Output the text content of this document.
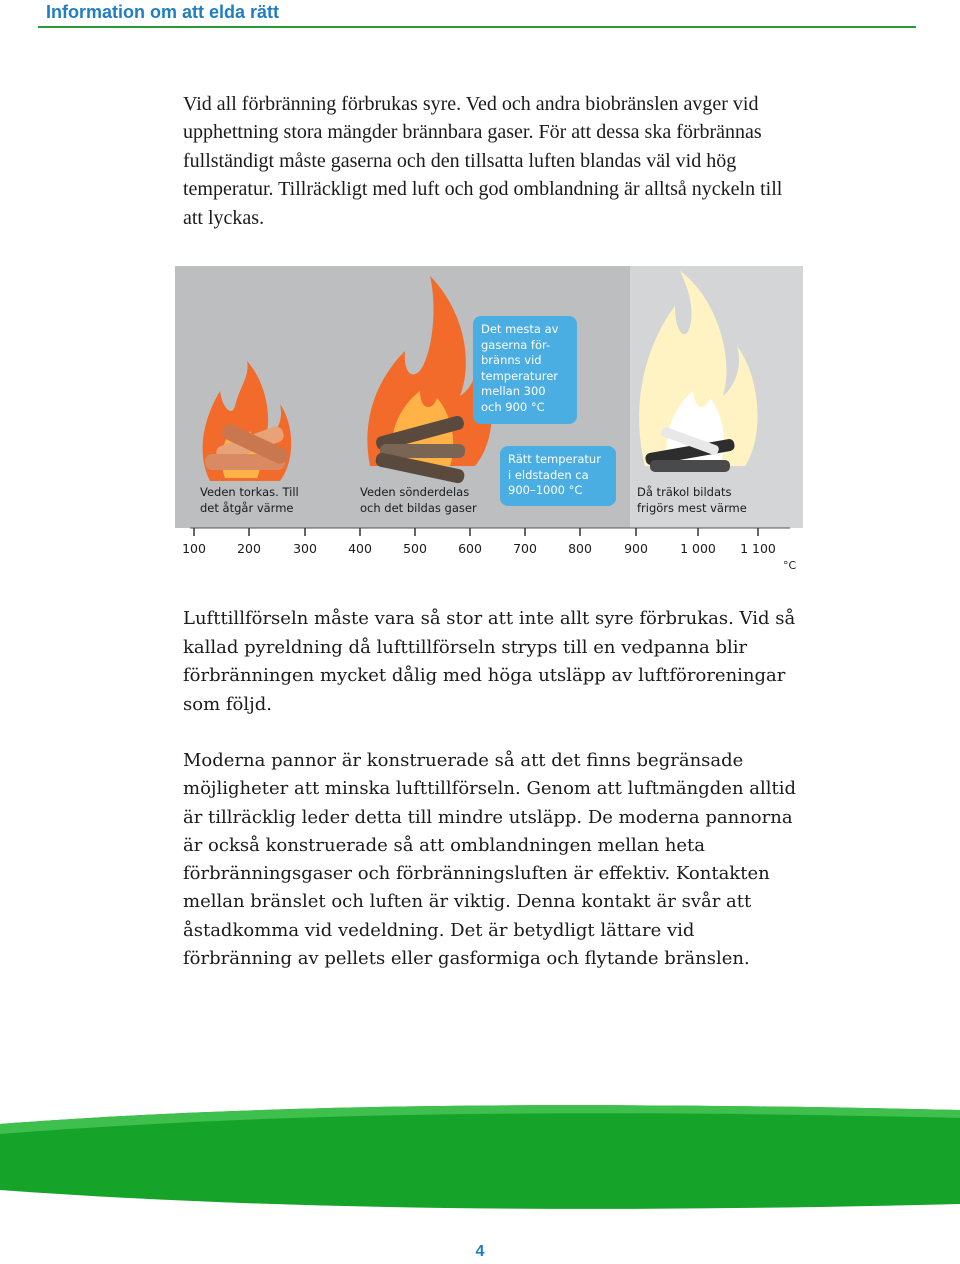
Information om att elda rätt

Vid all förbränning förbrukas syre. Ved och andra biobränslen avger vid upphettning stora mängder brännbara gaser. För att dessa ska förbrännas fullständigt måste gaserna och den tillsatta luften blandas väl vid hög temperatur. Tillräckligt med luft och god omblandning är alltså nyckeln till att lyckas.

Det mesta av
gaserna för-
bränns vid
temperaturer
mellan 300
och 900 °C
Rätt temperatur
i eldstaden ca
900–1000 °C
Veden torkas. Till
det åtgår värme
Veden sönderdelas
och det bildas gaser
Då träkol bildats
frigörs mest värme
100 200	300 400 500 600 700 800	900	1 000 1 100
°C

Lufttillförseln måste vara så stor att inte allt syre förbrukas. Vid så kallad pyreldning då lufttillförseln stryps till en vedpanna blir förbränningen mycket dålig med höga utsläpp av luftföroreningar som följd.

Moderna pannor är konstruerade så att det finns begränsade möjligheter att minska lufttillförseln. Genom att luftmängden alltid är tillräcklig leder detta till mindre utsläpp. De moderna pannorna är också konstruerade så att omblandningen mellan heta förbränningsgaser och förbränningsluften är effektiv. Kontakten mellan bränslet och luften är viktig. Denna kontakt är svår att åstadkomma vid vedeldning. Det är betydligt lättare vid förbränning av pellets eller gasformiga och flytande bränslen.

4
